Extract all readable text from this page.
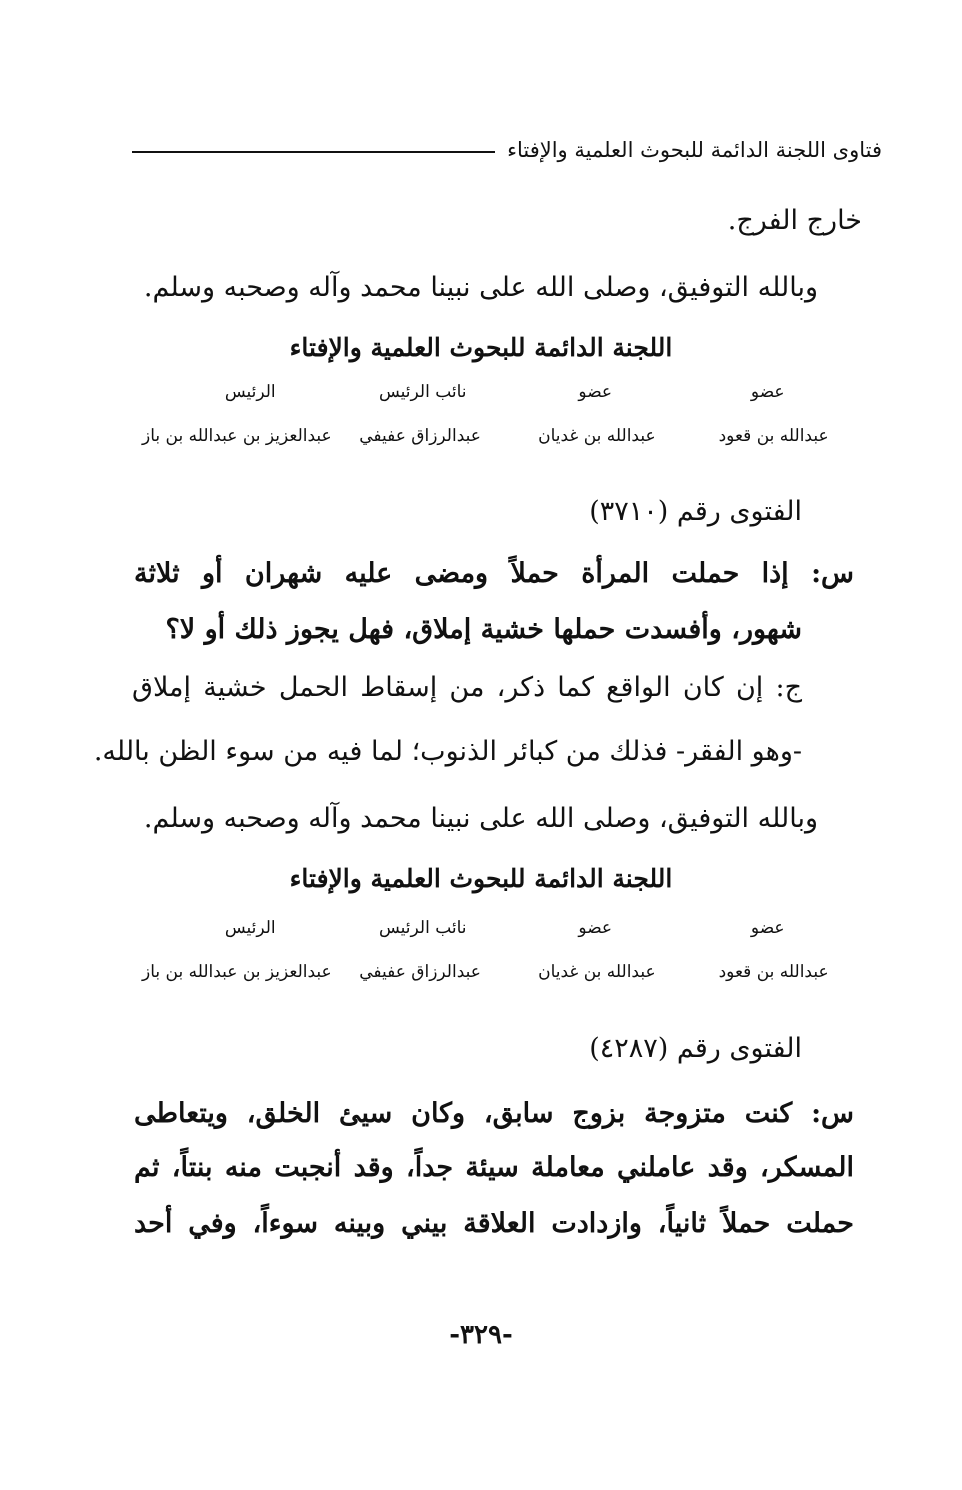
فتاوى اللجنة الدائمة للبحوث العلمية والإفتاء
خارج الفرج.
وبالله التوفيق، وصلى الله على نبينا محمد وآله وصحبه وسلم.
اللجنة الدائمة للبحوث العلمية والإفتاء
عضو
عضو
نائب الرئيس
الرئيس
عبدالله بن قعود
عبدالله بن غديان
عبدالرزاق عفيفي
عبدالعزيز بن عبدالله بن باز
الفتوى رقم (٣٧١٠)
س: إذا حملت المرأة حملاً ومضى عليه شهران أو ثلاثة
شهور، وأفسدت حملها خشية إملاق، فهل يجوز ذلك أو لا؟
ج: إن كان الواقع كما ذكر، من إسقاط الحمل خشية إملاق
-وهو الفقر- فذلك من كبائر الذنوب؛ لما فيه من سوء الظن بالله.
وبالله التوفيق، وصلى الله على نبينا محمد وآله وصحبه وسلم.
اللجنة الدائمة للبحوث العلمية والإفتاء
عضو
عضو
نائب الرئيس
الرئيس
عبدالله بن قعود
عبدالله بن غديان
عبدالرزاق عفيفي
عبدالعزيز بن عبدالله بن باز
الفتوى رقم (٤٢٨٧)
س: كنت متزوجة بزوج سابق، وكان سيئ الخلق، ويتعاطى
المسكر، وقد عاملني معاملة سيئة جداً، وقد أنجبت منه بنتاً، ثم
حملت حملاً ثانياً، وازدادت العلاقة بيني وبينه سوءاً، وفي أحد
-٣٢٩-
